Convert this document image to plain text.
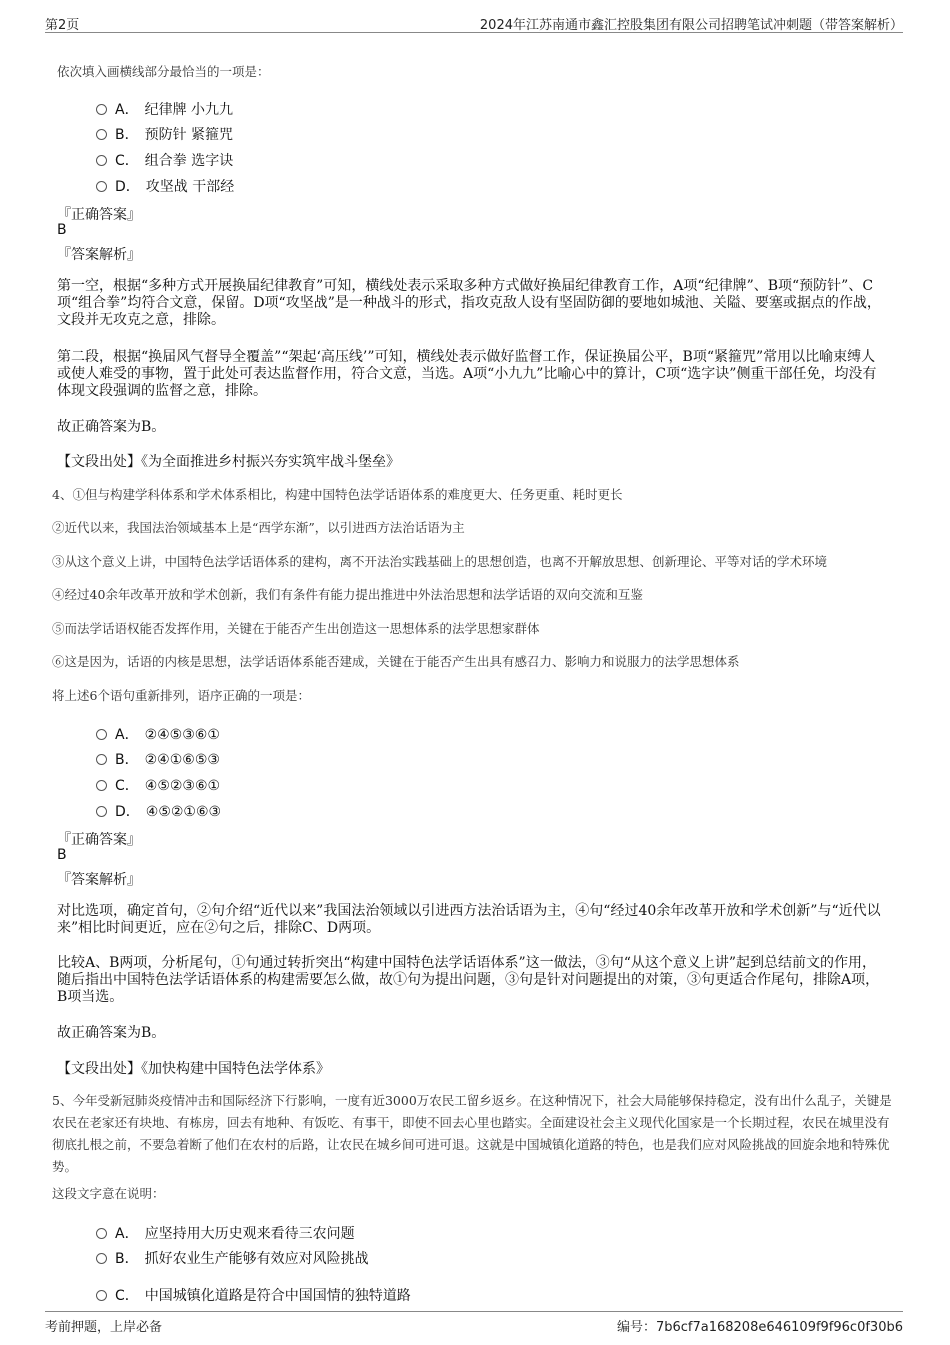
第2页	2024年江苏南通市鑫汇控股集团有限公司招聘笔试冲刺题（带答案解析）
依次填入画横线部分最恰当的一项是：
A． 纪律牌 小九九
B． 预防针 紧箍咒
C． 组合拳 选字诀
D． 攻坚战 干部经
『正确答案』
B
『答案解析』
第一空，根据“多种方式开展换届纪律教育”可知，横线处表示采取多种方式做好换届纪律教育工作，A项“纪律牌”、B项“预防针”、C项“组合拳”均符合文意，保留。D项“攻坚战”是一种战斗的形式，指攻克敌人设有坚固防御的要地如城池、关隘、要塞或据点的作战，文段并无攻克之意，排除。
第二段，根据“换届风气督导全覆盖”“架起‘高压线’”可知，横线处表示做好监督工作，保证换届公平，B项“紧箍咒”常用以比喻束缚人或使人难受的事物，置于此处可表达监督作用，符合文意，当选。A项“小九九”比喻心中的算计，C项“选字诀”侧重干部任免，均没有体现文段强调的监督之意，排除。
故正确答案为B。
【文段出处】《为全面推进乡村振兴夯实筑牢战斗堡垒》
4、①但与构建学科体系和学术体系相比，构建中国特色法学话语体系的难度更大、任务更重、耗时更长
②近代以来，我国法治领域基本上是“西学东渐”，以引进西方法治话语为主
③从这个意义上讲，中国特色法学话语体系的建构，离不开法治实践基础上的思想创造，也离不开解放思想、创新理论、平等对话的学术环境
④经过40余年改革开放和学术创新，我们有条件有能力提出推进中外法治思想和法学话语的双向交流和互鉴
⑤而法学话语权能否发挥作用，关键在于能否产生出创造这一思想体系的法学思想家群体
⑥这是因为，话语的内核是思想，法学话语体系能否建成，关键在于能否产生出具有感召力、影响力和说服力的法学思想体系
将上述6个语句重新排列，语序正确的一项是：
A． ②④⑤③⑥①
B． ②④①⑥⑤③
C． ④⑤②③⑥①
D． ④⑤②①⑥③
『正确答案』
B
『答案解析』
对比选项，确定首句，②句介绍“近代以来”我国法治领域以引进西方法治话语为主，④句“经过40余年改革开放和学术创新”与“近代以来”相比时间更近，应在②句之后，排除C、D两项。
比较A、B两项，分析尾句，①句通过转折突出“构建中国特色法学话语体系”这一做法，③句“从这个意义上讲”起到总结前文的作用，随后指出中国特色法学话语体系的构建需要怎么做，故①句为提出问题，③句是针对问题提出的对策，③句更适合作尾句，排除A项，B项当选。
故正确答案为B。
【文段出处】《加快构建中国特色法学体系》
5、今年受新冠肺炎疫情冲击和国际经济下行影响，一度有近3000万农民工留乡返乡。在这种情况下，社会大局能够保持稳定，没有出什么乱子，关键是农民在老家还有块地、有栋房，回去有地种、有饭吃、有事干，即使不回去心里也踏实。全面建设社会主义现代化国家是一个长期过程，农民在城里没有彻底扎根之前，不要急着断了他们在农村的后路，让农民在城乡间可进可退。这就是中国城镇化道路的特色，也是我们应对风险挑战的回旋余地和特殊优势。
这段文字意在说明：
A． 应坚持用大历史观来看待三农问题
B． 抓好农业生产能够有效应对风险挑战
C． 中国城镇化道路是符合中国国情的独特道路
考前押题，上岸必备	编号：7b6cf7a168208e646109f9f96c0f30b6
